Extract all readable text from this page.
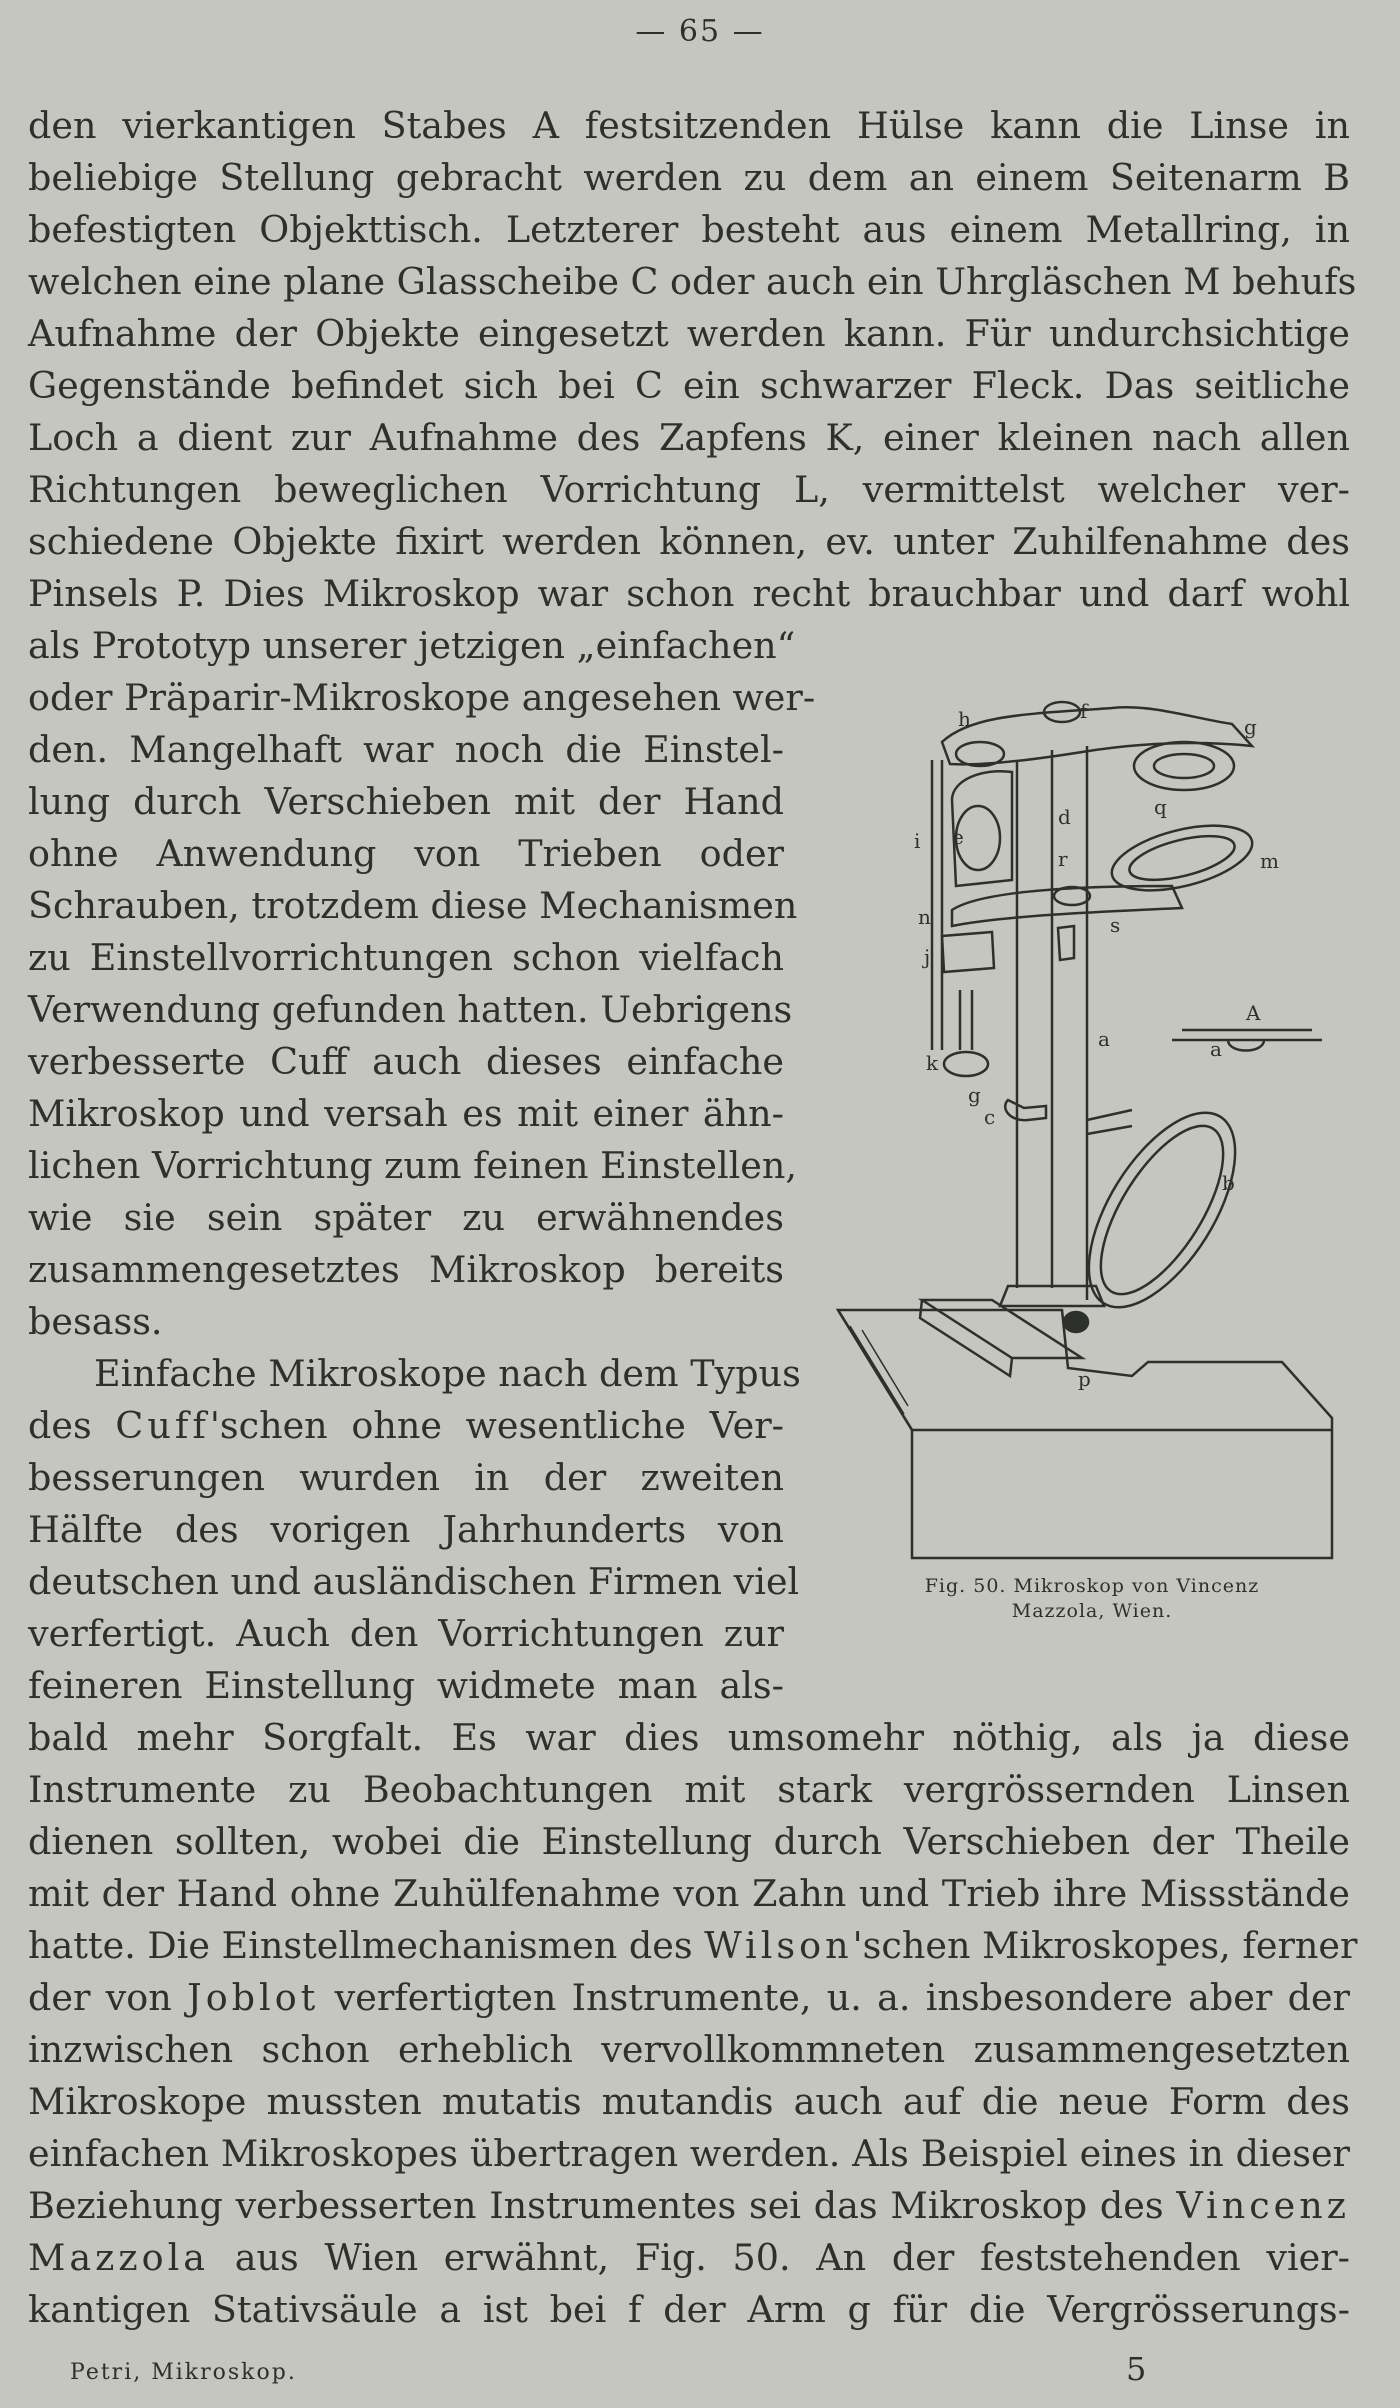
— 65 —

den vierkantigen Stabes A festsitzenden Hülse kann die Linse in
beliebige Stellung gebracht werden zu dem an einem Seitenarm B
befestigten Objekttisch. Letzterer besteht aus einem Metallring, in
welchen eine plane Glasscheibe C oder auch ein Uhrgläschen M behufs
Aufnahme der Objekte eingesetzt werden kann. Für undurchsichtige
Gegenstände befindet sich bei C ein schwarzer Fleck. Das seitliche
Loch a dient zur Aufnahme des Zapfens K, einer kleinen nach allen
Richtungen beweglichen Vorrichtung L, vermittelst welcher ver-
schiedene Objekte fixirt werden können, ev. unter Zuhilfenahme des
Pinsels P. Dies Mikroskop war schon recht brauchbar und darf wohl

als Prototyp unserer jetzigen „einfachen“
oder Präparir-Mikroskope angesehen wer-
den. Mangelhaft war noch die Einstel-
lung durch Verschieben mit der Hand
ohne Anwendung von Trieben oder
Schrauben, trotzdem diese Mechanismen
zu Einstellvorrichtungen schon vielfach
Verwendung gefunden hatten. Uebrigens
verbesserte Cuff auch dieses einfache
Mikroskop und versah es mit einer ähn-
lichen Vorrichtung zum feinen Einstellen,
wie sie sein später zu erwähnendes
zusammengesetztes Mikroskop bereits
besass.

Einfache Mikroskope nach dem Typus
des Cuff'schen ohne wesentliche Ver-
besserungen wurden in der zweiten
Hälfte des vorigen Jahrhunderts von
deutschen und ausländischen Firmen viel
verfertigt. Auch den Vorrichtungen zur
feineren Einstellung widmete man als-

bald mehr Sorgfalt. Es war dies umsomehr nöthig, als ja diese
Instrumente zu Beobachtungen mit stark vergrössernden Linsen
dienen sollten, wobei die Einstellung durch Verschieben der Theile
mit der Hand ohne Zuhülfenahme von Zahn und Trieb ihre Missstände
hatte. Die Einstellmechanismen des Wilson'schen Mikroskopes, ferner
der von Joblot verfertigten Instrumente, u. a. insbesondere aber der
inzwischen schon erheblich vervollkommneten zusammengesetzten
Mikroskope mussten mutatis mutandis auch auf die neue Form des
einfachen Mikroskopes übertragen werden. Als Beispiel eines in dieser
Beziehung verbesserten Instrumentes sei das Mikroskop des Vincenz
Mazzola aus Wien erwähnt, Fig. 50. An der feststehenden vier-
kantigen Stativsäule a ist bei f der Arm g für die Vergrösserungs-

h	f
g
q
d
e
r
i
m
n	s
j
a
A
a
k
g
c
b
p
Fig. 50. Mikroskop von Vincenz
Mazzola, Wien.
Petri, Mikroskop.	5
